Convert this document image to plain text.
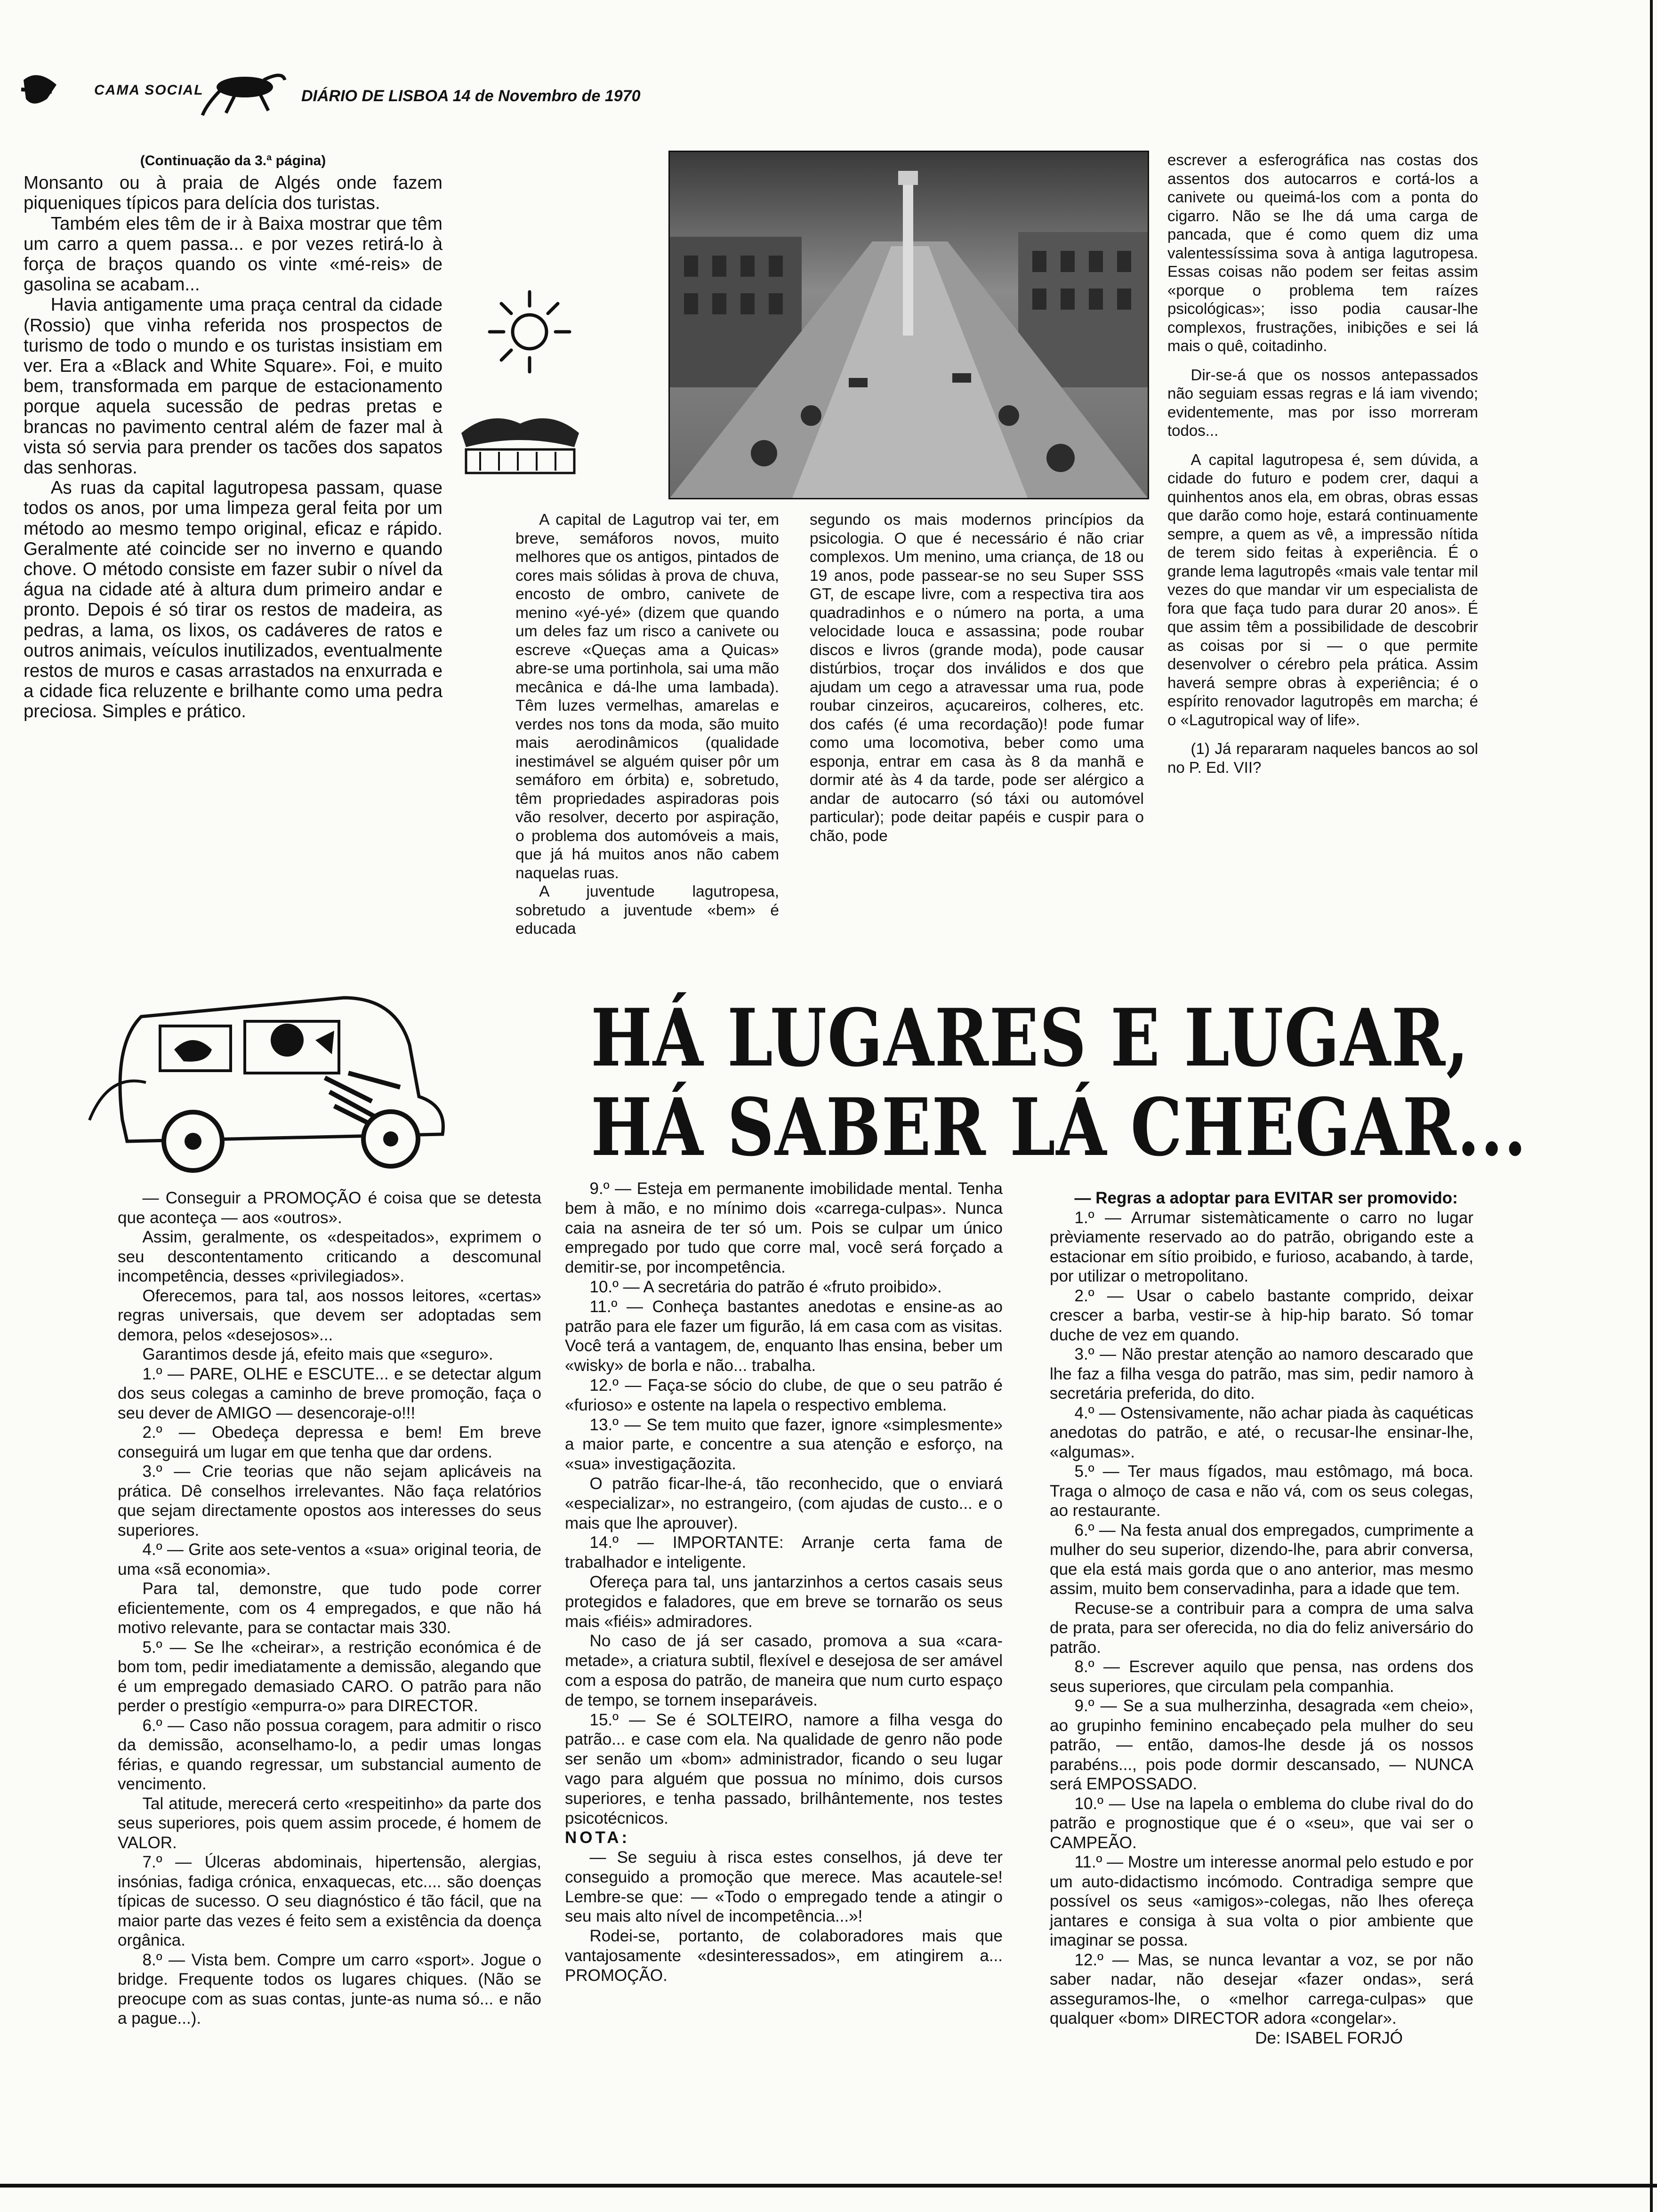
CAMA SOCIAL	DIÁRIO DE LISBOA 14 de Novembro de 1970

(Continuação da 3.ª página)

Monsanto ou à praia de Algés onde fazem piqueniques típicos para delícia dos turistas.

Também eles têm de ir à Baixa mostrar que têm um carro a quem passa... e por vezes retirá-lo à força de braços quando os vinte «mé-reis» de gasolina se acabam...

Havia antigamente uma praça central da cidade (Rossio) que vinha referida nos prospectos de turismo de todo o mundo e os turistas insistiam em ver. Era a «Black and White Square». Foi, e muito bem, transformada em parque de estacionamento porque aquela sucessão de pedras pretas e brancas no pavimento central além de fazer mal à vista só servia para prender os tacões dos sapatos das senhoras.

As ruas da capital lagutropesa passam, quase todos os anos, por uma limpeza geral feita por um método ao mesmo tempo original, eficaz e rápido. Geralmente até coincide ser no inverno e quando chove. O método consiste em fazer subir o nível da água na cidade até à altura dum primeiro andar e pronto. Depois é só tirar os restos de madeira, as pedras, a lama, os lixos, os cadáveres de ratos e outros animais, veículos inutilizados, eventualmente restos de muros e casas arrastados na enxurrada e a cidade fica reluzente e brilhante como uma pedra preciosa. Simples e prático.

A capital de Lagutrop vai ter, em breve, semáforos novos, muito melhores que os antigos, pintados de cores mais sólidas à prova de chuva, encosto de ombro, canivete de menino «yé-yé» (dizem que quando um deles faz um risco a canivete ou escreve «Queças ama a Quicas» abre-se uma portinhola, sai uma mão mecânica e dá-lhe uma lambada). Têm luzes vermelhas, amarelas e verdes nos tons da moda, são muito mais aerodinâmicos (qualidade inestimável se alguém quiser pôr um semáforo em órbita) e, sobretudo, têm propriedades aspiradoras pois vão resolver, decerto por aspiração, o problema dos automóveis a mais, que já há muitos anos não cabem naquelas ruas.

A juventude lagutropesa, sobretudo a juventude «bem» é educada

segundo os mais modernos princípios da psicologia. O que é necessário é não criar complexos. Um menino, uma criança, de 18 ou 19 anos, pode passear-se no seu Super SSS GT, de escape livre, com a respectiva tira aos quadradinhos e o número na porta, a uma velocidade louca e assassina; pode roubar discos e livros (grande moda), pode causar distúrbios, troçar dos inválidos e dos que ajudam um cego a atravessar uma rua, pode roubar cinzeiros, açucareiros, colheres, etc. dos cafés (é uma recordação)! pode fumar como uma locomotiva, beber como uma esponja, entrar em casa às 8 da manhã e dormir até às 4 da tarde, pode ser alérgico a andar de autocarro (só táxi ou automóvel particular); pode deitar papéis e cuspir para o chão, pode

escrever a esferográfica nas costas dos assentos dos autocarros e cortá-los a canivete ou queimá-los com a ponta do cigarro. Não se lhe dá uma carga de pancada, que é como quem diz uma valentessíssima sova à antiga lagutropesa. Essas coisas não podem ser feitas assim «porque o problema tem raízes psicológicas»; isso podia causar-lhe complexos, frustrações, inibições e sei lá mais o quê, coitadinho.

Dir-se-á que os nossos antepassados não seguiam essas regras e lá iam vivendo; evidentemente, mas por isso morreram todos...

A capital lagutropesa é, sem dúvida, a cidade do futuro e podem crer, daqui a quinhentos anos ela, em obras, obras essas que darão como hoje, estará continuamente sempre, a quem as vê, a impressão nítida de terem sido feitas à experiência. É o grande lema lagutropês «mais vale tentar mil vezes do que mandar vir um especialista de fora que faça tudo para durar 20 anos». É que assim têm a possibilidade de descobrir as coisas por si — o que permite desenvolver o cérebro pela prática. Assim haverá sempre obras à experiência; é o espírito renovador lagutropês em marcha; é o «Lagutropical way of life».

(1) Já repararam naqueles bancos ao sol no P. Ed. VII?

HÁ LUGARES E LUGAR,
HÁ SABER LÁ CHEGAR...

— Conseguir a PROMOÇÃO é coisa que se detesta que aconteça — aos «outros».

Assim, geralmente, os «despeitados», exprimem o seu descontentamento criticando a descomunal incompetência, desses «privilegiados».

Oferecemos, para tal, aos nossos leitores, «certas» regras universais, que devem ser adoptadas sem demora, pelos «desejosos»...

Garantimos desde já, efeito mais que «seguro».

1.º — PARE, OLHE e ESCUTE... e se detectar algum dos seus colegas a caminho de breve promoção, faça o seu dever de AMIGO — desencoraje-o!!!

2.º — Obedeça depressa e bem! Em breve conseguirá um lugar em que tenha que dar ordens.

3.º — Crie teorias que não sejam aplicáveis na prática. Dê conselhos irrelevantes. Não faça relatórios que sejam directamente opostos aos interesses do seus superiores.

4.º — Grite aos sete-ventos a «sua» original teoria, de uma «sã economia».

Para tal, demonstre, que tudo pode correr eficientemente, com os 4 empregados, e que não há motivo relevante, para se contactar mais 330.

5.º — Se lhe «cheirar», a restrição económica é de bom tom, pedir imediatamente a demissão, alegando que é um empregado demasiado CARO. O patrão para não perder o prestígio «empurra-o» para DIRECTOR.

6.º — Caso não possua coragem, para admitir o risco da demissão, aconselhamo-lo, a pedir umas longas férias, e quando regressar, um substancial aumento de vencimento.

Tal atitude, merecerá certo «respeitinho» da parte dos seus superiores, pois quem assim procede, é homem de VALOR.

7.º — Úlceras abdominais, hipertensão, alergias, insónias, fadiga crónica, enxaquecas, etc.... são doenças típicas de sucesso. O seu diagnóstico é tão fácil, que na maior parte das vezes é feito sem a existência da doença orgânica.

8.º — Vista bem. Compre um carro «sport». Jogue o bridge. Frequente todos os lugares chiques. (Não se preocupe com as suas contas, junte-as numa só... e não a pague...).

9.º — Esteja em permanente imobilidade mental. Tenha bem à mão, e no mínimo dois «carrega-culpas». Nunca caia na asneira de ter só um. Pois se culpar um único empregado por tudo que corre mal, você será forçado a demitir-se, por incompetência.

10.º — A secretária do patrão é «fruto proibido».

11.º — Conheça bastantes anedotas e ensine-as ao patrão para ele fazer um figurão, lá em casa com as visitas. Você terá a vantagem, de, enquanto lhas ensina, beber um «wisky» de borla e não... trabalha.

12.º — Faça-se sócio do clube, de que o seu patrão é «furioso» e ostente na lapela o respectivo emblema.

13.º — Se tem muito que fazer, ignore «simplesmente» a maior parte, e concentre a sua atenção e esforço, na «sua» investigaçãozita.

O patrão ficar-lhe-á, tão reconhecido, que o enviará «especializar», no estrangeiro, (com ajudas de custo... e o mais que lhe aprouver).

14.º — IMPORTANTE: Arranje certa fama de trabalhador e inteligente.

Ofereça para tal, uns jantarzinhos a certos casais seus protegidos e faladores, que em breve se tornarão os seus mais «fiéis» admiradores.

No caso de já ser casado, promova a sua «cara-metade», a criatura subtil, flexível e desejosa de ser amável com a esposa do patrão, de maneira que num curto espaço de tempo, se tornem inseparáveis.

15.º — Se é SOLTEIRO, namore a filha vesga do patrão... e case com ela. Na qualidade de genro não pode ser senão um «bom» administrador, ficando o seu lugar vago para alguém que possua no mínimo, dois cursos superiores, e tenha passado, brilhântemente, nos testes psicotécnicos.

NOTA:

— Se seguiu à risca estes conselhos, já deve ter conseguido a promoção que merece. Mas acautele-se! Lembre-se que: — «Todo o empregado tende a atingir o seu mais alto nível de incompetência...»!

Rodei-se, portanto, de colaboradores mais que vantajosamente «desinteressados», em atingirem a... PROMOÇÃO.

— Regras a adoptar para EVITAR ser promovido:

1.º — Arrumar sistemàticamente o carro no lugar prèviamente reservado ao do patrão, obrigando este a estacionar em sítio proibido, e furioso, acabando, à tarde, por utilizar o metropolitano.

2.º — Usar o cabelo bastante comprido, deixar crescer a barba, vestir-se à hip-hip barato. Só tomar duche de vez em quando.

3.º — Não prestar atenção ao namoro descarado que lhe faz a filha vesga do patrão, mas sim, pedir namoro à secretária preferida, do dito.

4.º — Ostensivamente, não achar piada às caquéticas anedotas do patrão, e até, o recusar-lhe ensinar-lhe, «algumas».

5.º — Ter maus fígados, mau estômago, má boca. Traga o almoço de casa e não vá, com os seus colegas, ao restaurante.

6.º — Na festa anual dos empregados, cumprimente a mulher do seu superior, dizendo-lhe, para abrir conversa, que ela está mais gorda que o ano anterior, mas mesmo assim, muito bem conservadinha, para a idade que tem.

Recuse-se a contribuir para a compra de uma salva de prata, para ser oferecida, no dia do feliz aniversário do patrão.

8.º — Escrever aquilo que pensa, nas ordens dos seus superiores, que circulam pela companhia.

9.º — Se a sua mulherzinha, desagrada «em cheio», ao grupinho feminino encabeçado pela mulher do seu patrão, — então, damos-lhe desde já os nossos parabéns..., pois pode dormir descansado, — NUNCA será EMPOSSADO.

10.º — Use na lapela o emblema do clube rival do do patrão e prognostique que é o «seu», que vai ser o CAMPEÃO.

11.º — Mostre um interesse anormal pelo estudo e por um auto-didactismo incómodo. Contradiga sempre que possível os seus «amigos»-colegas, não lhes ofereça jantares e consiga à sua volta o pior ambiente que imaginar se possa.

12.º — Mas, se nunca levantar a voz, se por não saber nadar, não desejar «fazer ondas», será asseguramos-lhe, o «melhor carrega-culpas» que qualquer «bom» DIRECTOR adora «congelar».

De: ISABEL FORJÓ
